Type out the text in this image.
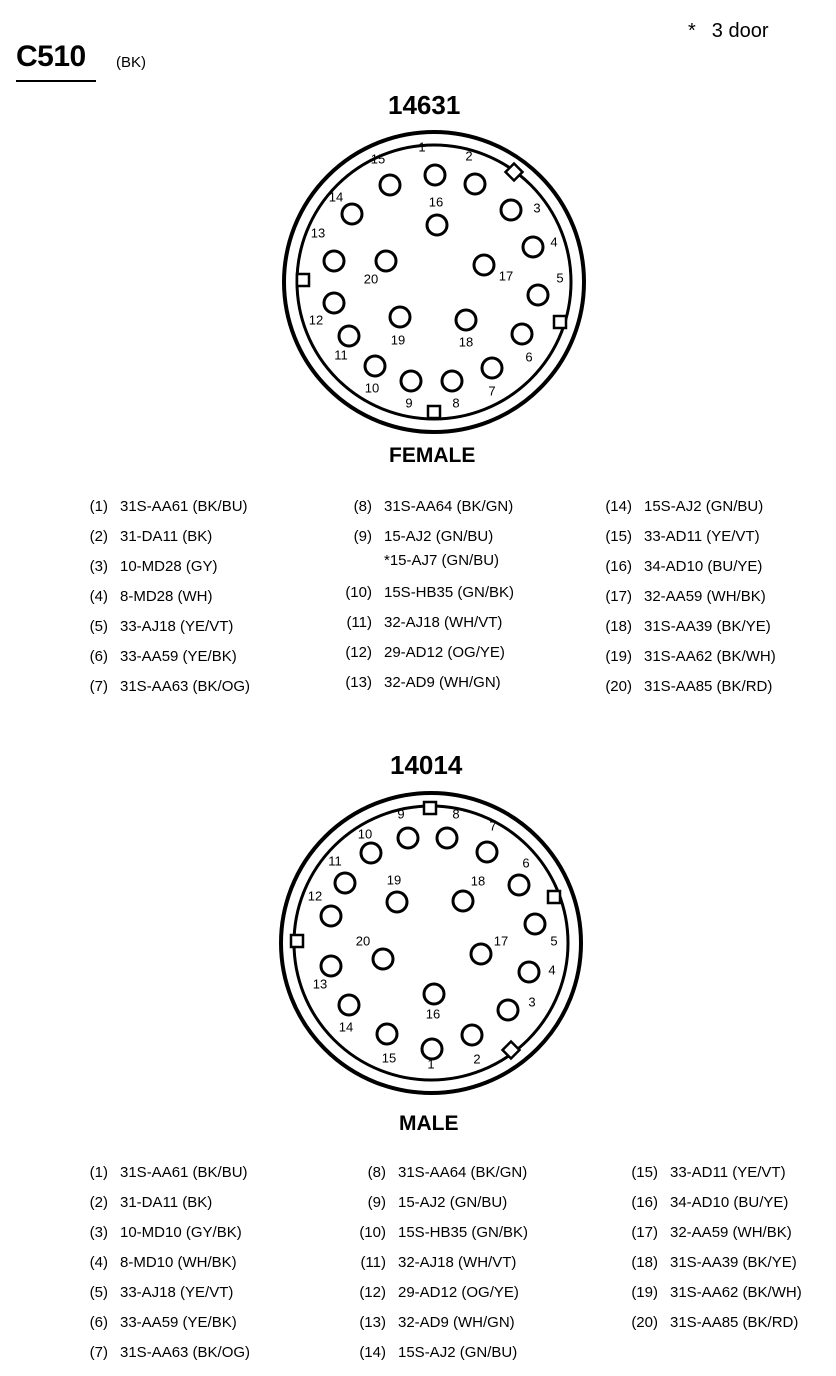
C510 (BK)
* 3 door
14631
1
2
3
4
5
6
7
8
9
10
11
12
13
14
15
16
17
18
19
20
FEMALE
(1) 31S-AA61 (BK/BU)
(2) 31-DA11 (BK)
(3) 10-MD28 (GY)
(4) 8-MD28 (WH)
(5) 33-AJ18 (YE/VT)
(6) 33-AA59 (YE/BK)
(7) 31S-AA63 (BK/OG)
(8) 31S-AA64 (BK/GN)
(9) 15-AJ2 (GN/BU)
*15-AJ7 (GN/BU)
(10) 15S-HB35 (GN/BK)
(11) 32-AJ18 (WH/VT)
(12) 29-AD12 (OG/YE)
(13) 32-AD9 (WH/GN)
(14) 15S-AJ2 (GN/BU)
(15) 33-AD11 (YE/VT)
(16) 34-AD10 (BU/YE)
(17) 32-AA59 (WH/BK)
(18) 31S-AA39 (BK/YE)
(19) 31S-AA62 (BK/WH)
(20) 31S-AA85 (BK/RD)
14014
1	2
3
4
5
6
7
8
9
10
11
12
13
14
15
16
17
18
19
20
MALE
(1) 31S-AA61 (BK/BU)
(2) 31-DA11 (BK)
(3) 10-MD10 (GY/BK)
(4) 8-MD10 (WH/BK)
(5) 33-AJ18 (YE/VT)
(6) 33-AA59 (YE/BK)
(7) 31S-AA63 (BK/OG)
(8) 31S-AA64 (BK/GN)
(9) 15-AJ2 (GN/BU)
(10) 15S-HB35 (GN/BK)
(11) 32-AJ18 (WH/VT)
(12) 29-AD12 (OG/YE)
(13) 32-AD9 (WH/GN)
(14) 15S-AJ2 (GN/BU)
(15) 33-AD11 (YE/VT)
(16) 34-AD10 (BU/YE)
(17) 32-AA59 (WH/BK)
(18) 31S-AA39 (BK/YE)
(19) 31S-AA62 (BK/WH)
(20) 31S-AA85 (BK/RD)
